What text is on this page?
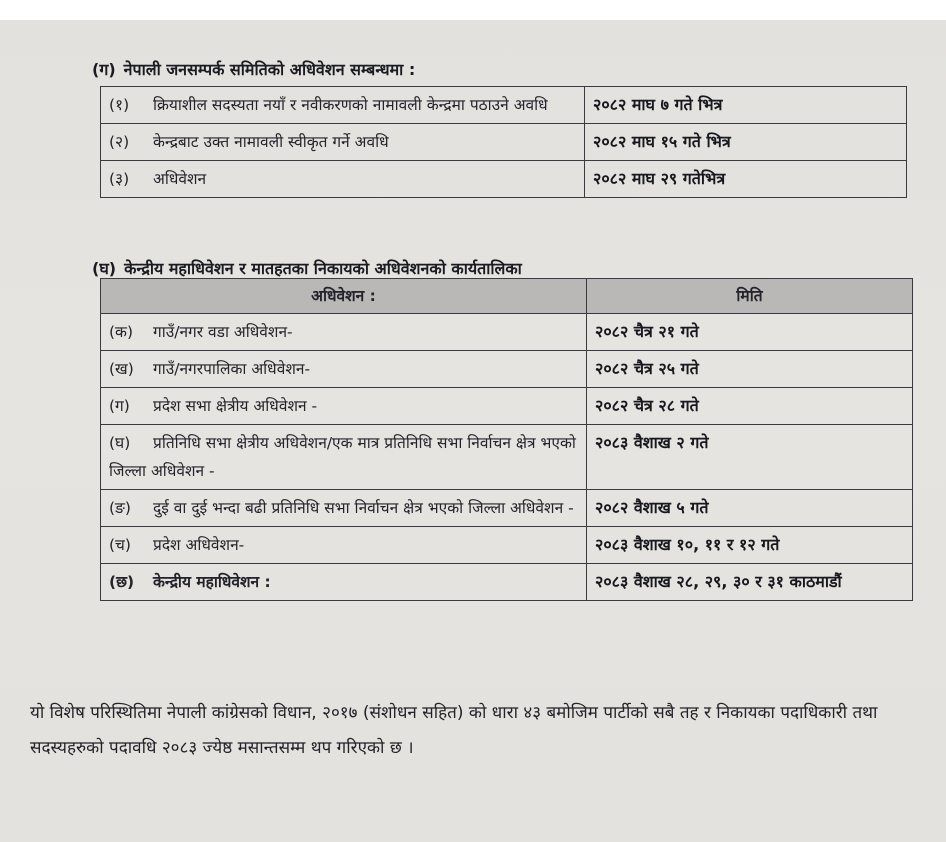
(ग) नेपाली जनसम्पर्क समितिको अधिवेशन सम्बन्धमा :
(१) क्रियाशील सदस्यता नयाँ र नवीकरणको नामावली केन्द्रमा पठाउने अवधि	२०८२ माघ ७ गते भित्र
(२) केन्द्रबाट उक्त नामावली स्वीकृत गर्ने अवधि	२०८२ माघ १५ गते भित्र
(३) अधिवेशन	२०८२ माघ २९ गतेभित्र
(घ) केन्द्रीय महाधिवेशन र मातहतका निकायको अधिवेशनको कार्यतालिका
अधिवेशन :	मिति
(क) गाउँ/नगर वडा अधिवेशन-	२०८२ चैत्र २१ गते
(ख) गाउँ/नगरपालिका अधिवेशन-	२०८२ चैत्र २५ गते
(ग) प्रदेश सभा क्षेत्रीय अधिवेशन -	२०८२ चैत्र २८ गते
(घ) प्रतिनिधि सभा क्षेत्रीय अधिवेशन/एक मात्र प्रतिनिधि सभा निर्वाचन क्षेत्र भएको जिल्ला अधिवेशन -	२०८३ वैशाख २ गते
(ङ) दुई वा दुई भन्दा बढी प्रतिनिधि सभा निर्वाचन क्षेत्र भएको जिल्ला अधिवेशन -	२०८२ वैशाख ५ गते
(च) प्रदेश अधिवेशन-	२०८३ वैशाख १०, ११ र १२ गते
(छ) केन्द्रीय महाधिवेशन :	२०८३ वैशाख २८, २९, ३० र ३१ काठमाडौं
यो विशेष परिस्थितिमा नेपाली कांग्रेसको विधान, २०१७ (संशोधन सहित) को धारा ४३ बमोजिम पार्टीको सबै तह र निकायका पदाधिकारी तथा सदस्यहरुको पदावधि २०८३ ज्येष्ठ मसान्तसम्म थप गरिएको छ ।
